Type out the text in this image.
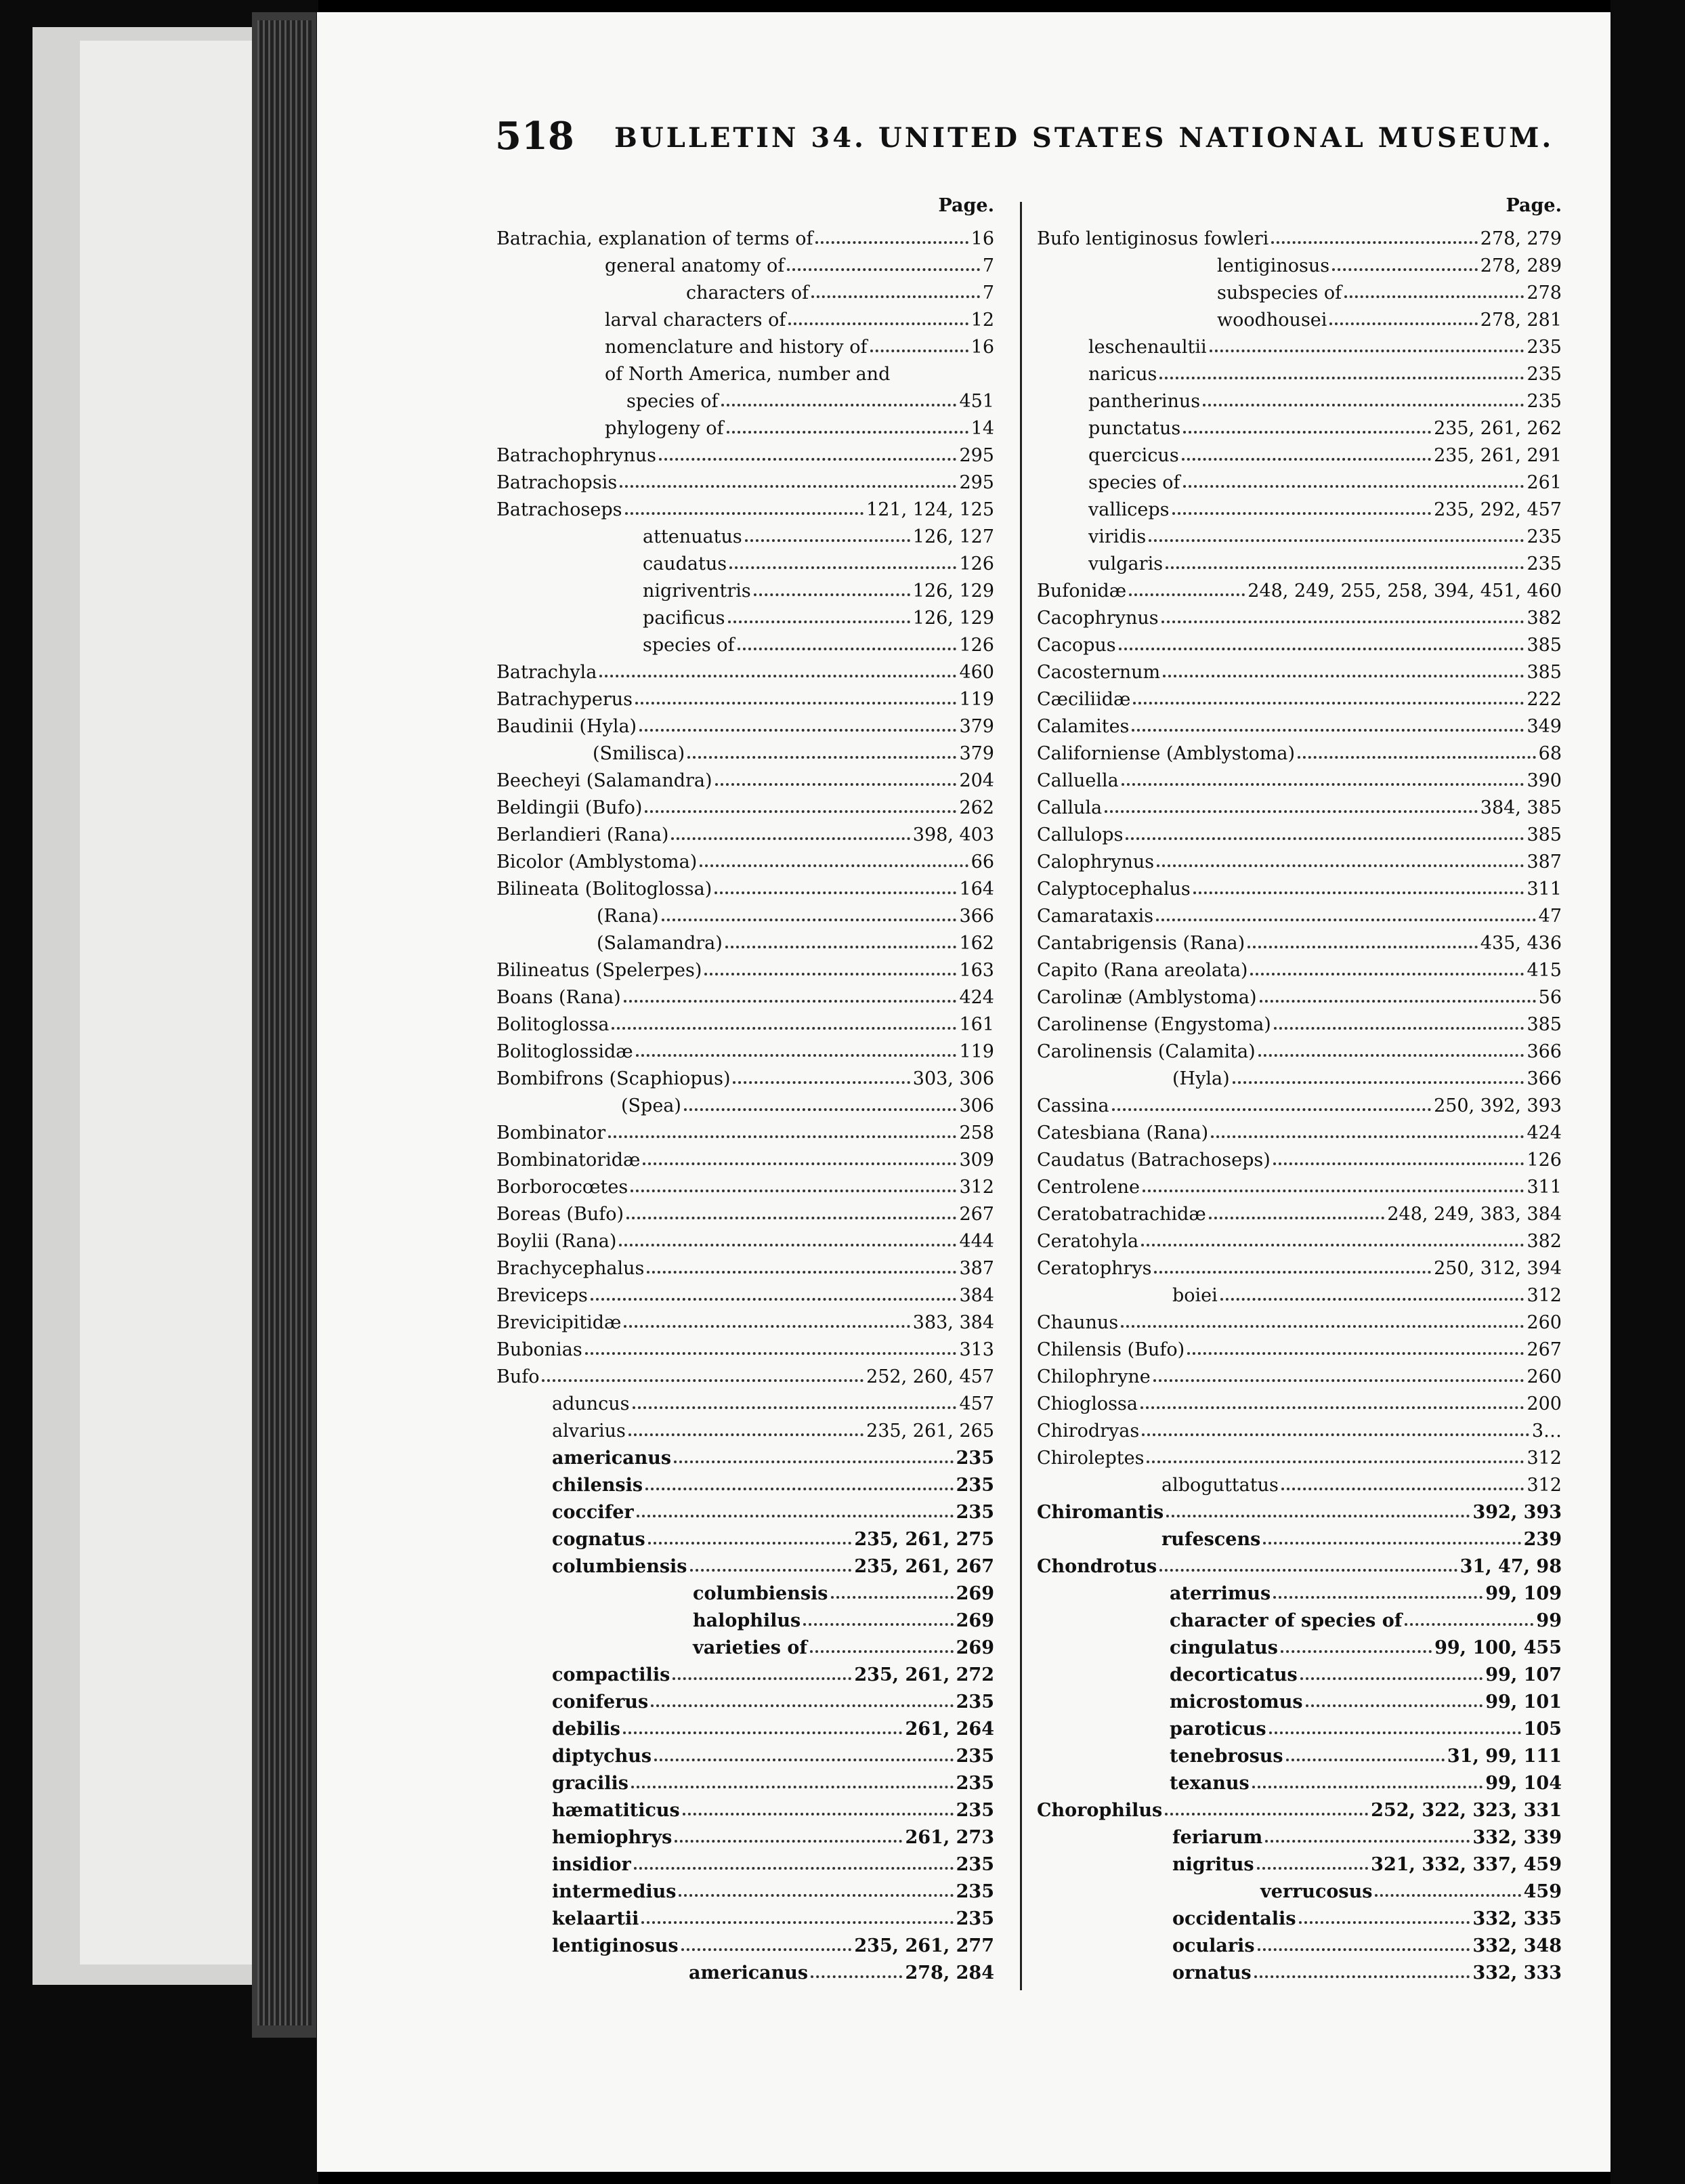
518 BULLETIN 34. UNITED STATES NATIONAL MUSEUM.
Page.
Batrachia, explanation of terms of	16
general anatomy of	7
characters of	7
larval characters of	12
nomenclature and history of	16
of North America, number and
species of	451
phylogeny of	14
Batrachophrynus	295
Batrachopsis	295
Batrachoseps	121, 124, 125
attenuatus	126, 127
caudatus	126
nigriventris	126, 129
pacificus	126, 129
species of	126
Batrachyla	460
Batrachyperus	119
Baudinii (Hyla)	379
(Smilisca)	379
Beecheyi (Salamandra)	204
Beldingii (Bufo)	262
Berlandieri (Rana)	398, 403
Bicolor (Amblystoma)	66
Bilineata (Bolitoglossa)	164
(Rana)	366
(Salamandra)	162
Bilineatus (Spelerpes)	163
Boans (Rana)	424
Bolitoglossa	161
Bolitoglossidæ	119
Bombifrons (Scaphiopus)	303, 306
(Spea)	306
Bombinator	258
Bombinatoridæ	309
Borborocœtes	312
Boreas (Bufo)	267
Boylii (Rana)	444
Brachycephalus	387
Breviceps	384
Brevicipitidæ	383, 384
Bubonias	313
Bufo	252, 260, 457
aduncus	457
alvarius	235, 261, 265
americanus	235
chilensis	235
coccifer	235
cognatus	235, 261, 275
columbiensis	235, 261, 267
columbiensis	269
halophilus	269
varieties of	269
compactilis	235, 261, 272
coniferus	235
debilis	261, 264
diptychus	235
gracilis	235
hæmatiticus	235
hemiophrys	261, 273
insidior	235
intermedius	235
kelaartii	235
lentiginosus	235, 261, 277
americanus	278, 284
Page.
Bufo lentiginosus fowleri	278, 279
lentiginosus	278, 289
subspecies of	278
woodhousei	278, 281
leschenaultii	235
naricus	235
pantherinus	235
punctatus	235, 261, 262
quercicus	235, 261, 291
species of	261
valliceps	235, 292, 457
viridis	235
vulgaris	235
Bufonidæ	248, 249, 255, 258, 394, 451, 460
Cacophrynus	382
Cacopus	385
Cacosternum	385
Cæciliidæ	222
Calamites	349
Californiense (Amblystoma)	68
Calluella	390
Callula	384, 385
Callulops	385
Calophrynus	387
Calyptocephalus	311
Camarataxis	47
Cantabrigensis (Rana)	435, 436
Capito (Rana areolata)	415
Carolinæ (Amblystoma)	56
Carolinense (Engystoma)	385
Carolinensis (Calamita)	366
(Hyla)	366
Cassina	250, 392, 393
Catesbiana (Rana)	424
Caudatus (Batrachoseps)	126
Centrolene	311
Ceratobatrachidæ	248, 249, 383, 384
Ceratohyla	382
Ceratophrys	250, 312, 394
boiei	312
Chaunus	260
Chilensis (Bufo)	267
Chilophryne	260
Chioglossa	200
Chirodryas	3…
Chiroleptes	312
alboguttatus	312
Chiromantis	392, 393
rufescens	239
Chondrotus	31, 47, 98
aterrimus	99, 109
character of species of	99
cingulatus	99, 100, 455
decorticatus	99, 107
microstomus	99, 101
paroticus	105
tenebrosus	31, 99, 111
texanus	99, 104
Chorophilus	252, 322, 323, 331
feriarum	332, 339
nigritus	321, 332, 337, 459
verrucosus	459
occidentalis	332, 335
ocularis	332, 348
ornatus	332, 333
